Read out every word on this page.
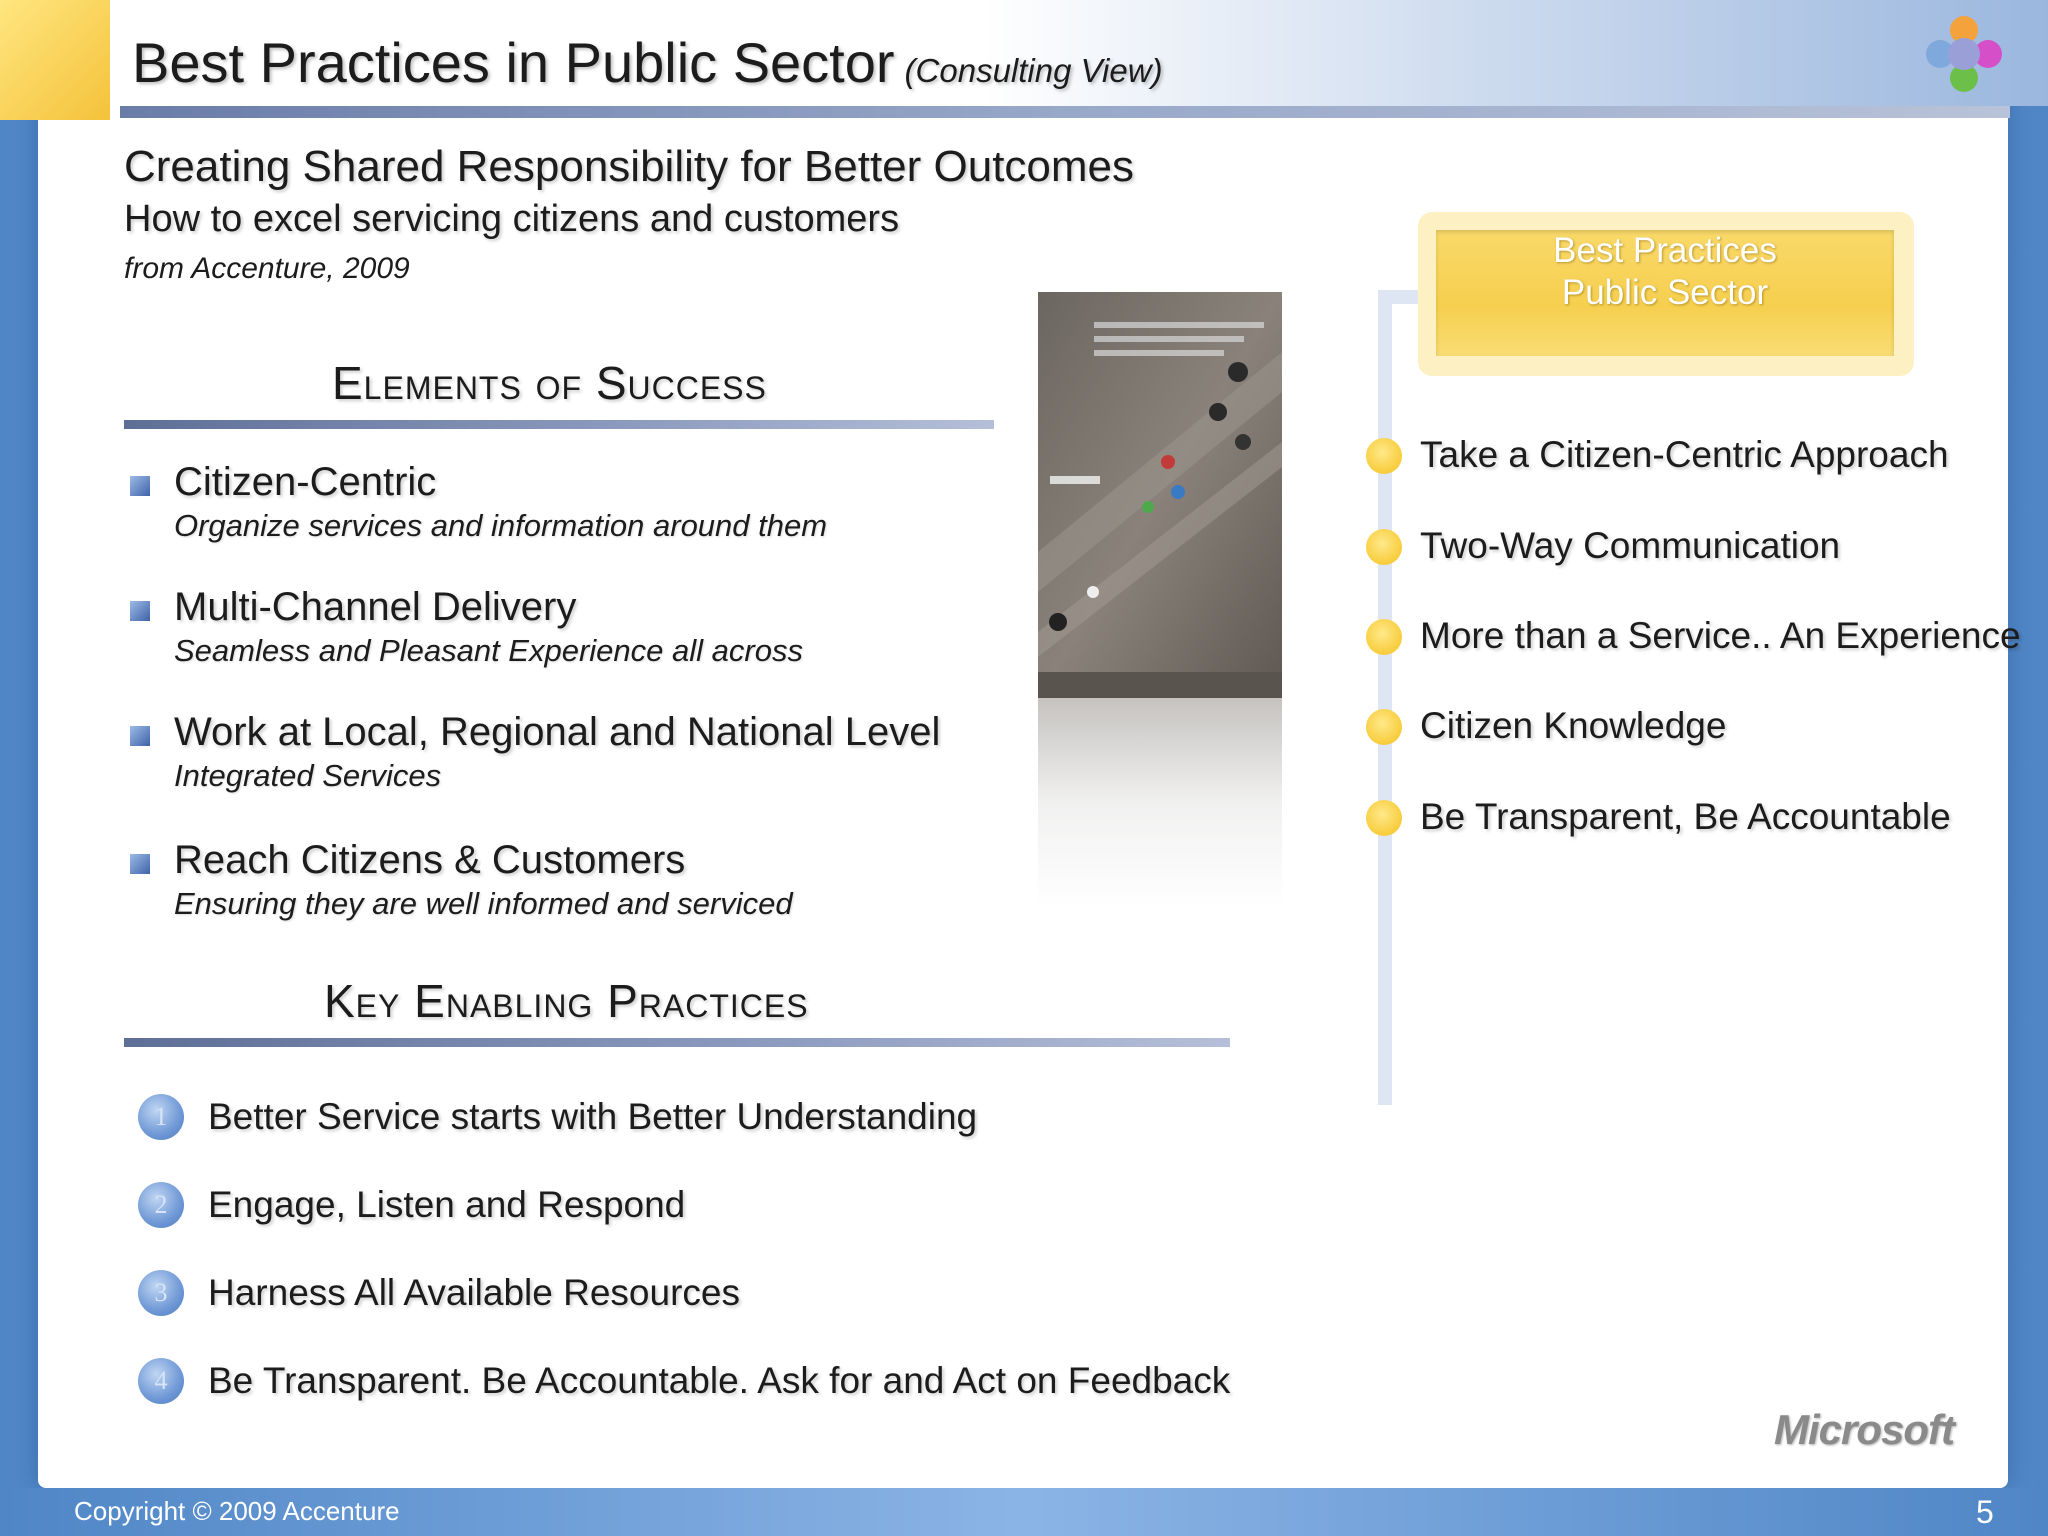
Best Practices in Public Sector (Consulting View)
Creating Shared Responsibility for Better Outcomes
How to excel servicing citizens and customers
from Accenture, 2009
Elements of Success
Citizen-Centric
Organize services and information around them
Multi-Channel Delivery
Seamless and Pleasant Experience all across
Work at Local, Regional and National Level
Integrated Services
Reach Citizens & Customers
Ensuring they are well informed and serviced
Key Enabling Practices
1	Better Service starts with Better Understanding
2	Engage, Listen and Respond
3	Harness All Available Resources
4	Be Transparent. Be Accountable. Ask for and Act on Feedback
Best Practices
Public Sector
Take a Citizen-Centric Approach
Two-Way Communication
More than a Service.. An Experience
Citizen Knowledge
Be Transparent, Be Accountable
Microsoft
Copyright © 2009 Accenture	5
